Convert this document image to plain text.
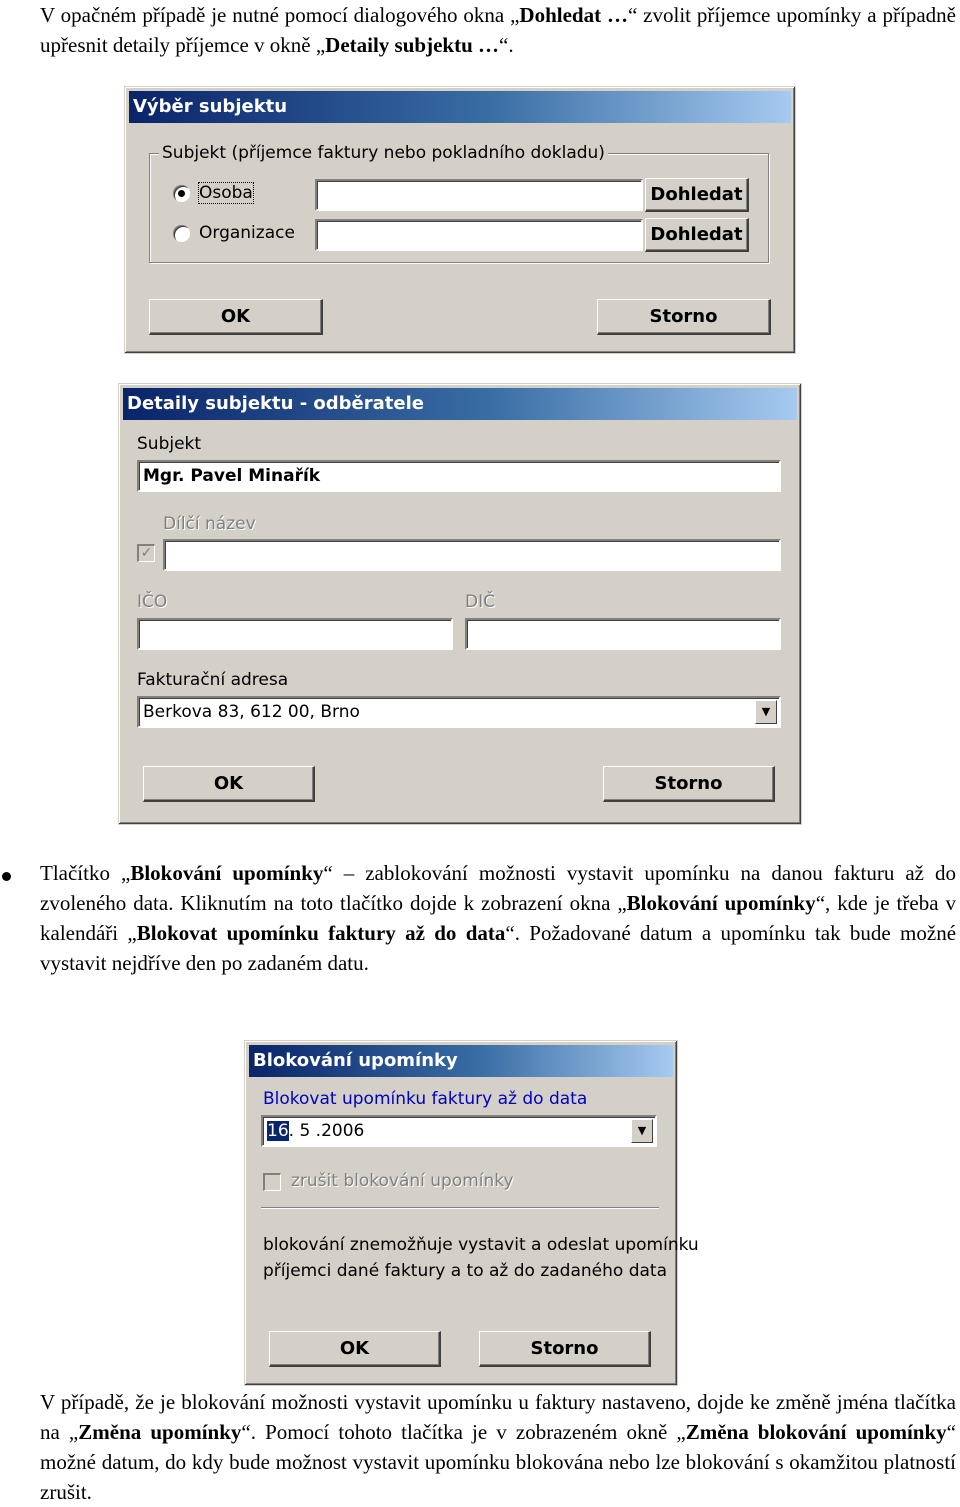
V opačném případě je nutné pomocí dialogového okna „Dohledat …“ zvolit příjemce upomínky a případně upřesnit detaily příjemce v okně „Detaily subjektu …“.
Výběr subjektu
Subjekt (příjemce faktury nebo pokladního dokladu)
Osoba
Organizace
Dohledat
Dohledat
OK	Storno
Detaily subjektu - odběratele
Subjekt
Mgr. Pavel Minařík
Dílčí název
✓
IČO	DIČ
Fakturační adresa
Berkova 83, 612 00, Brno	▼
OK	Storno
Tlačítko „Blokování upomínky“ – zablokování možnosti vystavit upomínku na danou fakturu až do zvoleného data. Kliknutím na toto tlačítko dojde k zobrazení okna „Blokování upomínky“, kde je třeba v kalendáři „Blokovat upomínku faktury až do data“. Požadované datum a upomínku tak bude možné vystavit nejdříve den po zadaném datu.
Blokování upomínky
Blokovat upomínku faktury až do data
16. 5 .2006	▼
zrušit blokování upomínky
blokování znemožňuje vystavit a odeslat upomínku
příjemci dané faktury a to až do zadaného data
OK	Storno
V případě, že je blokování možnosti vystavit upomínku u faktury nastaveno, dojde ke změně jména tlačítka na „Změna upomínky“. Pomocí tohoto tlačítka je v zobrazeném okně „Změna blokování upomínky“ možné datum, do kdy bude možnost vystavit upomínku blokována nebo lze blokování s okamžitou platností zrušit.
